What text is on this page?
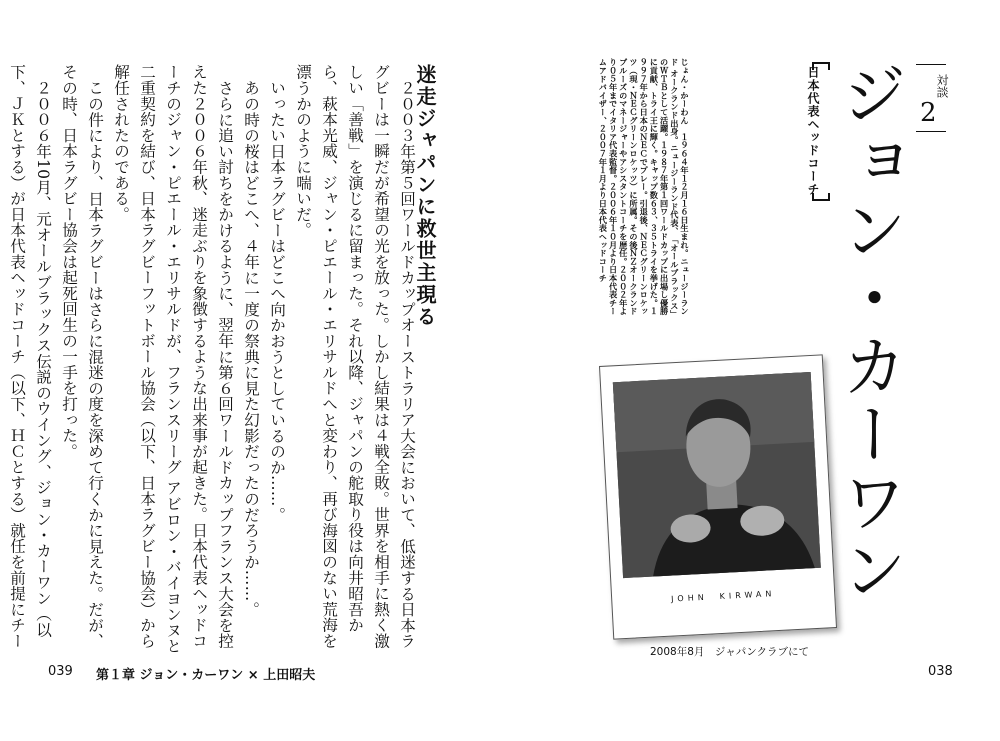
迷走ジャパンに救世主現る

２００３年第５回ワールドカップオーストラリア大会において、低迷する日本ラグビーは一瞬だが希望の光を放った。しかし結果は４戦全敗。世界を相手に熱く激しい「善戦」を演じるに留まった。それ以降、ジャパンの舵取り役は向井昭吾から、萩本光威、ジャン・ピエール・エリサルドへと変わり、再び海図のない荒海を漂うかのように喘いだ。

いったい日本ラグビーはどこへ向かおうとしているのか……。

あの時の桜はどこへ、４年に一度の祭典に見た幻影だったのだろうか……。

さらに追い討ちをかけるように、翌年に第６回ワールドカップフランス大会を控えた２００６年秋、迷走ぶりを象徴するような出来事が起きた。日本代表ヘッドコーチのジャン・ピエール・エリサルドが、フランスリーグ アビロン・バイヨンヌと二重契約を結び、日本ラグビーフットボール協会（以下、日本ラグビー協会）から解任されたのである。

この件により、日本ラグビーはさらに混迷の度を深めて行くかに見えた。だが、その時、日本ラグビー協会は起死回生の一手を打った。

２００６年10月、元オールブラックス伝説のウイング、ジョン・カーワン（以下、ＪＫとする）が日本代表ヘッドコーチ（以下、ＨＣとする）就任を前提にチー

039 第１章 ジョン・カーワン × 上田昭夫
じょん・かーわん　１９６４年１２月１６日生まれ。ニュージーランド オークランド出身。ニュージーランド代表、「オールブラックス」のＷＴＢとして活躍。１９８７年第１回ワールドカップに出場し優勝に貢献、トライ王に輝く。キャップ数６３、３５トライを挙げた。１９９７年から日本のＮＥＣでプレー。引退後、ＮＥＣグリーンロケッツ（現・ＮＥＣグリーンロケッツ）に所属。その後ＮＺオークランドブルーズのマネージャーやアシスタントコーチを歴任。２００２年より０５年までイタリア代表監督。２００６年１０月より日本代表チームアドバイザー、２００７年１月より日本代表ヘッドコーチ	日本代表ヘッドコーチ ジョン・カーワン 対談
2
JOHN　KIRWAN
2008年8月　ジャパンクラブにて
038
